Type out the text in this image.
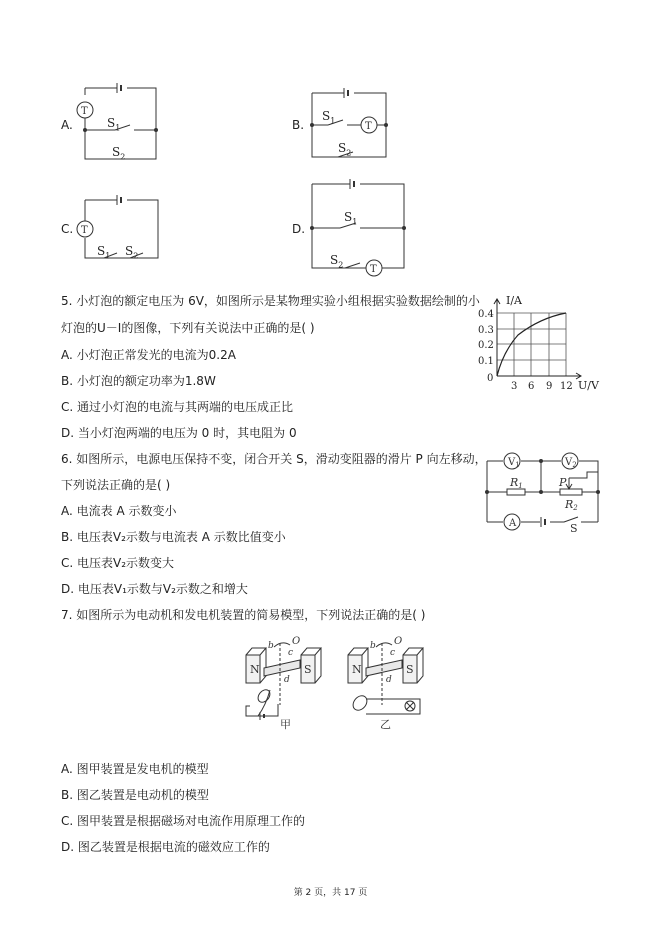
A.
T
$S_1$
$S_2$
B.	T
$S_1$
$S_2$
C. T
$S_1$ $S_2$
D.
T
$S_1$
$S_2$
5. 小灯泡的额定电压为 6V，如图所示是某物理实验小组根据实验数据绘制的小
灯泡的U－I的图像，下列有关说法中正确的是( )
A. 小灯泡正常发光的电流为0.2A
B. 小灯泡的额定功率为1.8W
C. 通过小灯泡的电流与其两端的电压成正比
D. 当小灯泡两端的电压为 0 时，其电阻为 0
I/A
U/V
0
0.1
0.2
0.3
0.4
3 6 9 12
6. 如图所示，电源电压保持不变，闭合开关 S，滑动变阻器的滑片 P 向左移动，
下列说法正确的是( )
A. 电流表 A 示数变小
B. 电压表V₂示数与电流表 A 示数比值变小
C. 电压表V₂示数变大
D. 电压表V₁示数与V₂示数之和增大
$V_1$	$V_2$
A
R1
R2
P
S
7. 如图所示为电动机和发电机装置的简易模型，下列说法正确的是( )
N	S
O
b
c
d
甲
N	S
O
b
c
d
乙
A. 图甲装置是发电机的模型
B. 图乙装置是电动机的模型
C. 图甲装置是根据磁场对电流作用原理工作的
D. 图乙装置是根据电流的磁效应工作的
第 2 页，共 17 页
